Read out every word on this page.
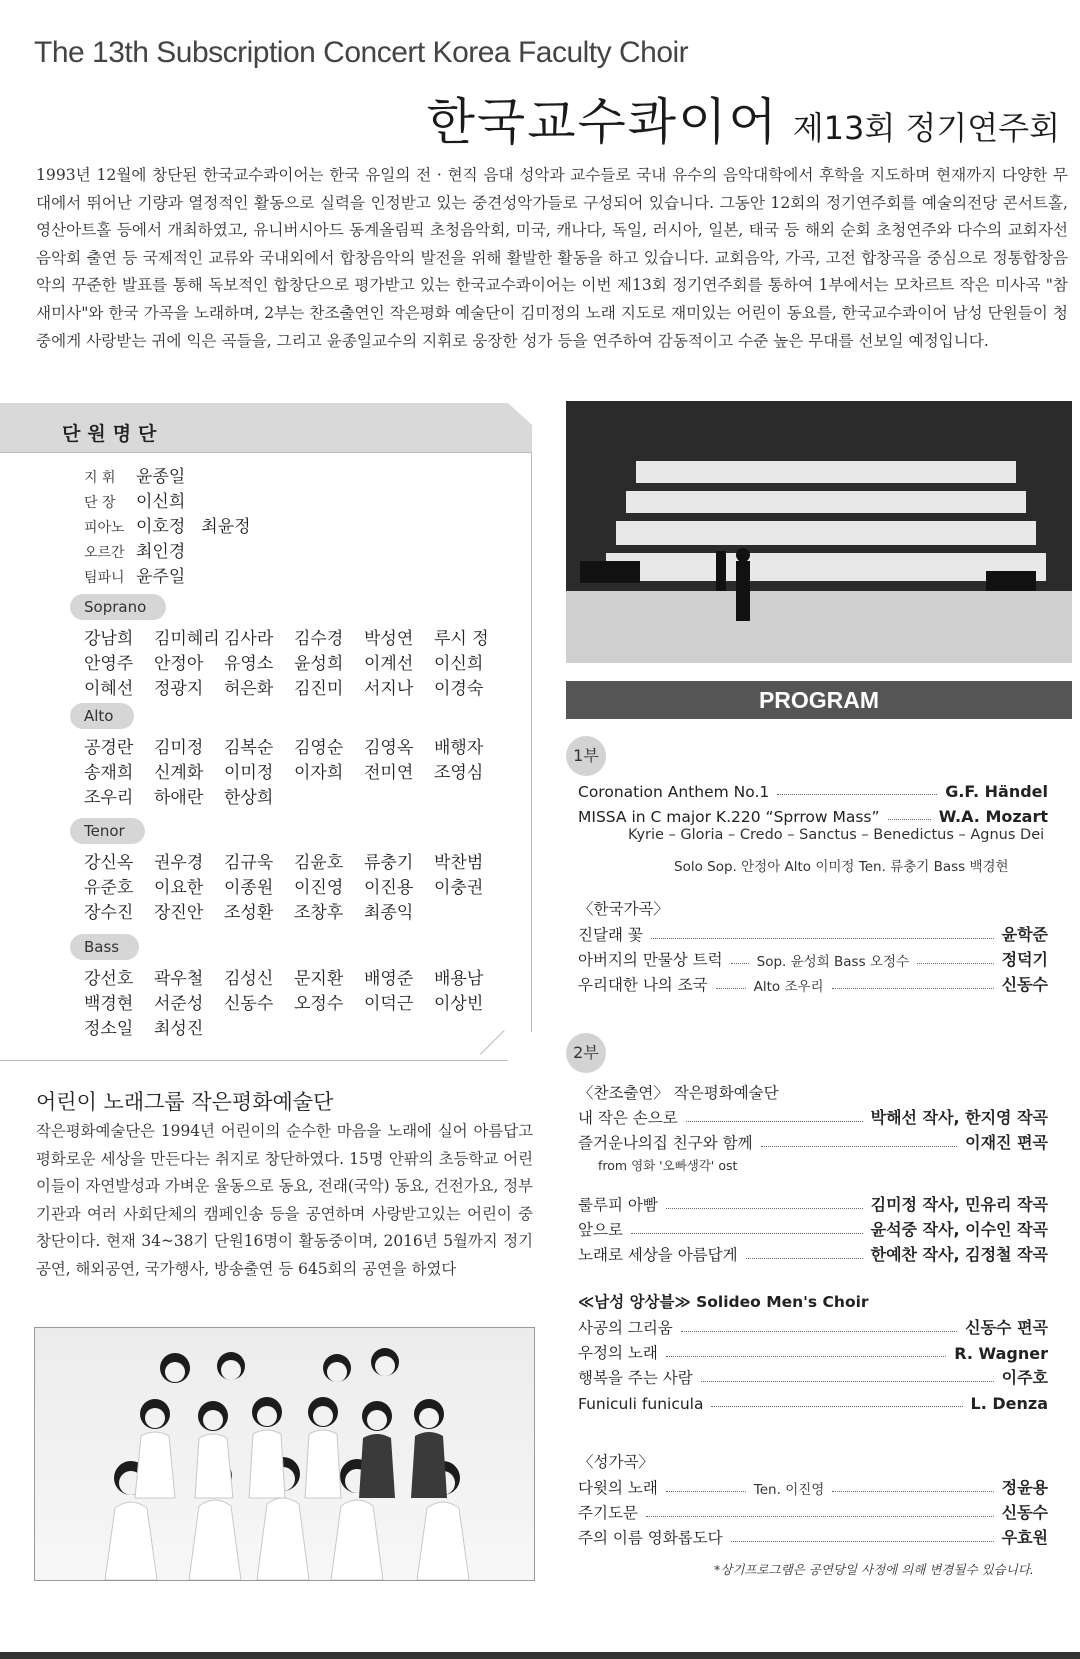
The 13th Subscription Concert Korea Faculty Choir
한국교수콰이어 제13회 정기연주회
1993년 12월에 창단된 한국교수콰이어는 한국 유일의 전 · 현직 음대 성악과 교수들로 국내 유수의 음악대학에서 후학을 지도하며 현재까지 다양한 무대에서 뛰어난 기량과 열정적인 활동으로 실력을 인정받고 있는 중견성악가들로 구성되어 있습니다. 그동안 12회의 정기연주회를 예술의전당 콘서트홀, 영산아트홀 등에서 개최하였고, 유니버시아드 동계올림픽 초청음악회, 미국, 캐나다, 독일, 러시아, 일본, 태국 등 해외 순회 초청연주와 다수의 교회자선음악회 출연 등 국제적인 교류와 국내외에서 합창음악의 발전을 위해 활발한 활동을 하고 있습니다. 교회음악, 가곡, 고전 합창곡을 중심으로 정통합창음악의 꾸준한 발표를 통해 독보적인 합창단으로 평가받고 있는 한국교수콰이어는 이번 제13회 정기연주회를 통하여 1부에서는 모차르트 작은 미사곡 "참새미사"와 한국 가곡을 노래하며, 2부는 찬조출연인 작은평화 예술단이 김미정의 노래 지도로 재미있는 어린이 동요를, 한국교수콰이어 남성 단원들이 청중에게 사랑받는 귀에 익은 곡들을, 그리고 윤종일교수의 지휘로 웅장한 성가 등을 연주하여 감동적이고 수준 높은 무대를 선보일 예정입니다.
단원명단
지 휘 윤종일
단 장 이신희
피아노 이호정 최윤정
오르간 최인경
팀파니 윤주일
Soprano
강남희 김미혜리 김사라 김수경 박성연 루시 정
안영주 안정아 유영소 윤성희 이계선 이신희
이혜선 정광지 허은화 김진미 서지나 이경숙
Alto
공경란 김미정 김복순 김영순 김영옥 배행자
송재희 신계화 이미정 이자희 전미연 조영심
조우리 하애란 한상희
Tenor
강신옥 권우경 김규욱 김윤호 류충기 박찬범
유준호 이요한 이종원 이진영 이진용 이충권
장수진 장진안 조성환 조창후 최종익
Bass
강선호 곽우철 김성신 문지환 배영준 배용남
백경현 서준성 신동수 오정수 이덕근 이상빈
정소일 최성진
어린이 노래그룹 작은평화예술단
작은평화예술단은 1994년 어린이의 순수한 마음을 노래에 실어 아름답고 평화로운 세상을 만든다는 취지로 창단하였다. 15명 안팎의 초등학교 어린이들이 자연발성과 가벼운 율동으로 동요, 전래(국악) 동요, 건전가요, 정부기관과 여러 사회단체의 캠페인송 등을 공연하며 사랑받고있는 어린이 중창단이다. 현재 34~38기 단원16명이 활동중이며, 2016년 5월까지 정기공연, 해외공연, 국가행사, 방송출연 등 645회의 공연을 하였다
PROGRAM
1부
Coronation Anthem No.1	G.F. Händel
MISSA in C major K.220 “Sprrow Mass”	W.A. Mozart
Kyrie – Gloria – Credo – Sanctus – Benedictus – Agnus Dei
Solo Sop. 안정아 Alto 이미정 Ten. 류충기 Bass 백경현
〈한국가곡〉
진달래 꽃	윤학준
아버지의 만물상 트럭	Sop. 윤성희 Bass 오정수	정덕기
우리대한 나의 조국	Alto 조우리	신동수
2부
〈찬조출연〉 작은평화예술단
내 작은 손으로	박해선 작사, 한지영 작곡
즐거운나의집 친구와 함께	이재진 편곡
from 영화 '오빠생각' ost
룰루피 아빰	김미정 작사, 민유리 작곡
앞으로	윤석중 작사, 이수인 작곡
노래로 세상을 아름답게	한예찬 작사, 김정철 작곡
≪남성 앙상블≫ Solideo Men's Choir
사공의 그리움	신동수 편곡
우정의 노래	R. Wagner
행복을 주는 사람	이주호
Funiculi funicula	L. Denza
〈성가곡〉
다윗의 노래	Ten. 이진영	정윤용
주기도문	신동수
주의 이름 영화롭도다	우효원
*상기프로그램은 공연당일 사정에 의해 변경될수 있습니다.
